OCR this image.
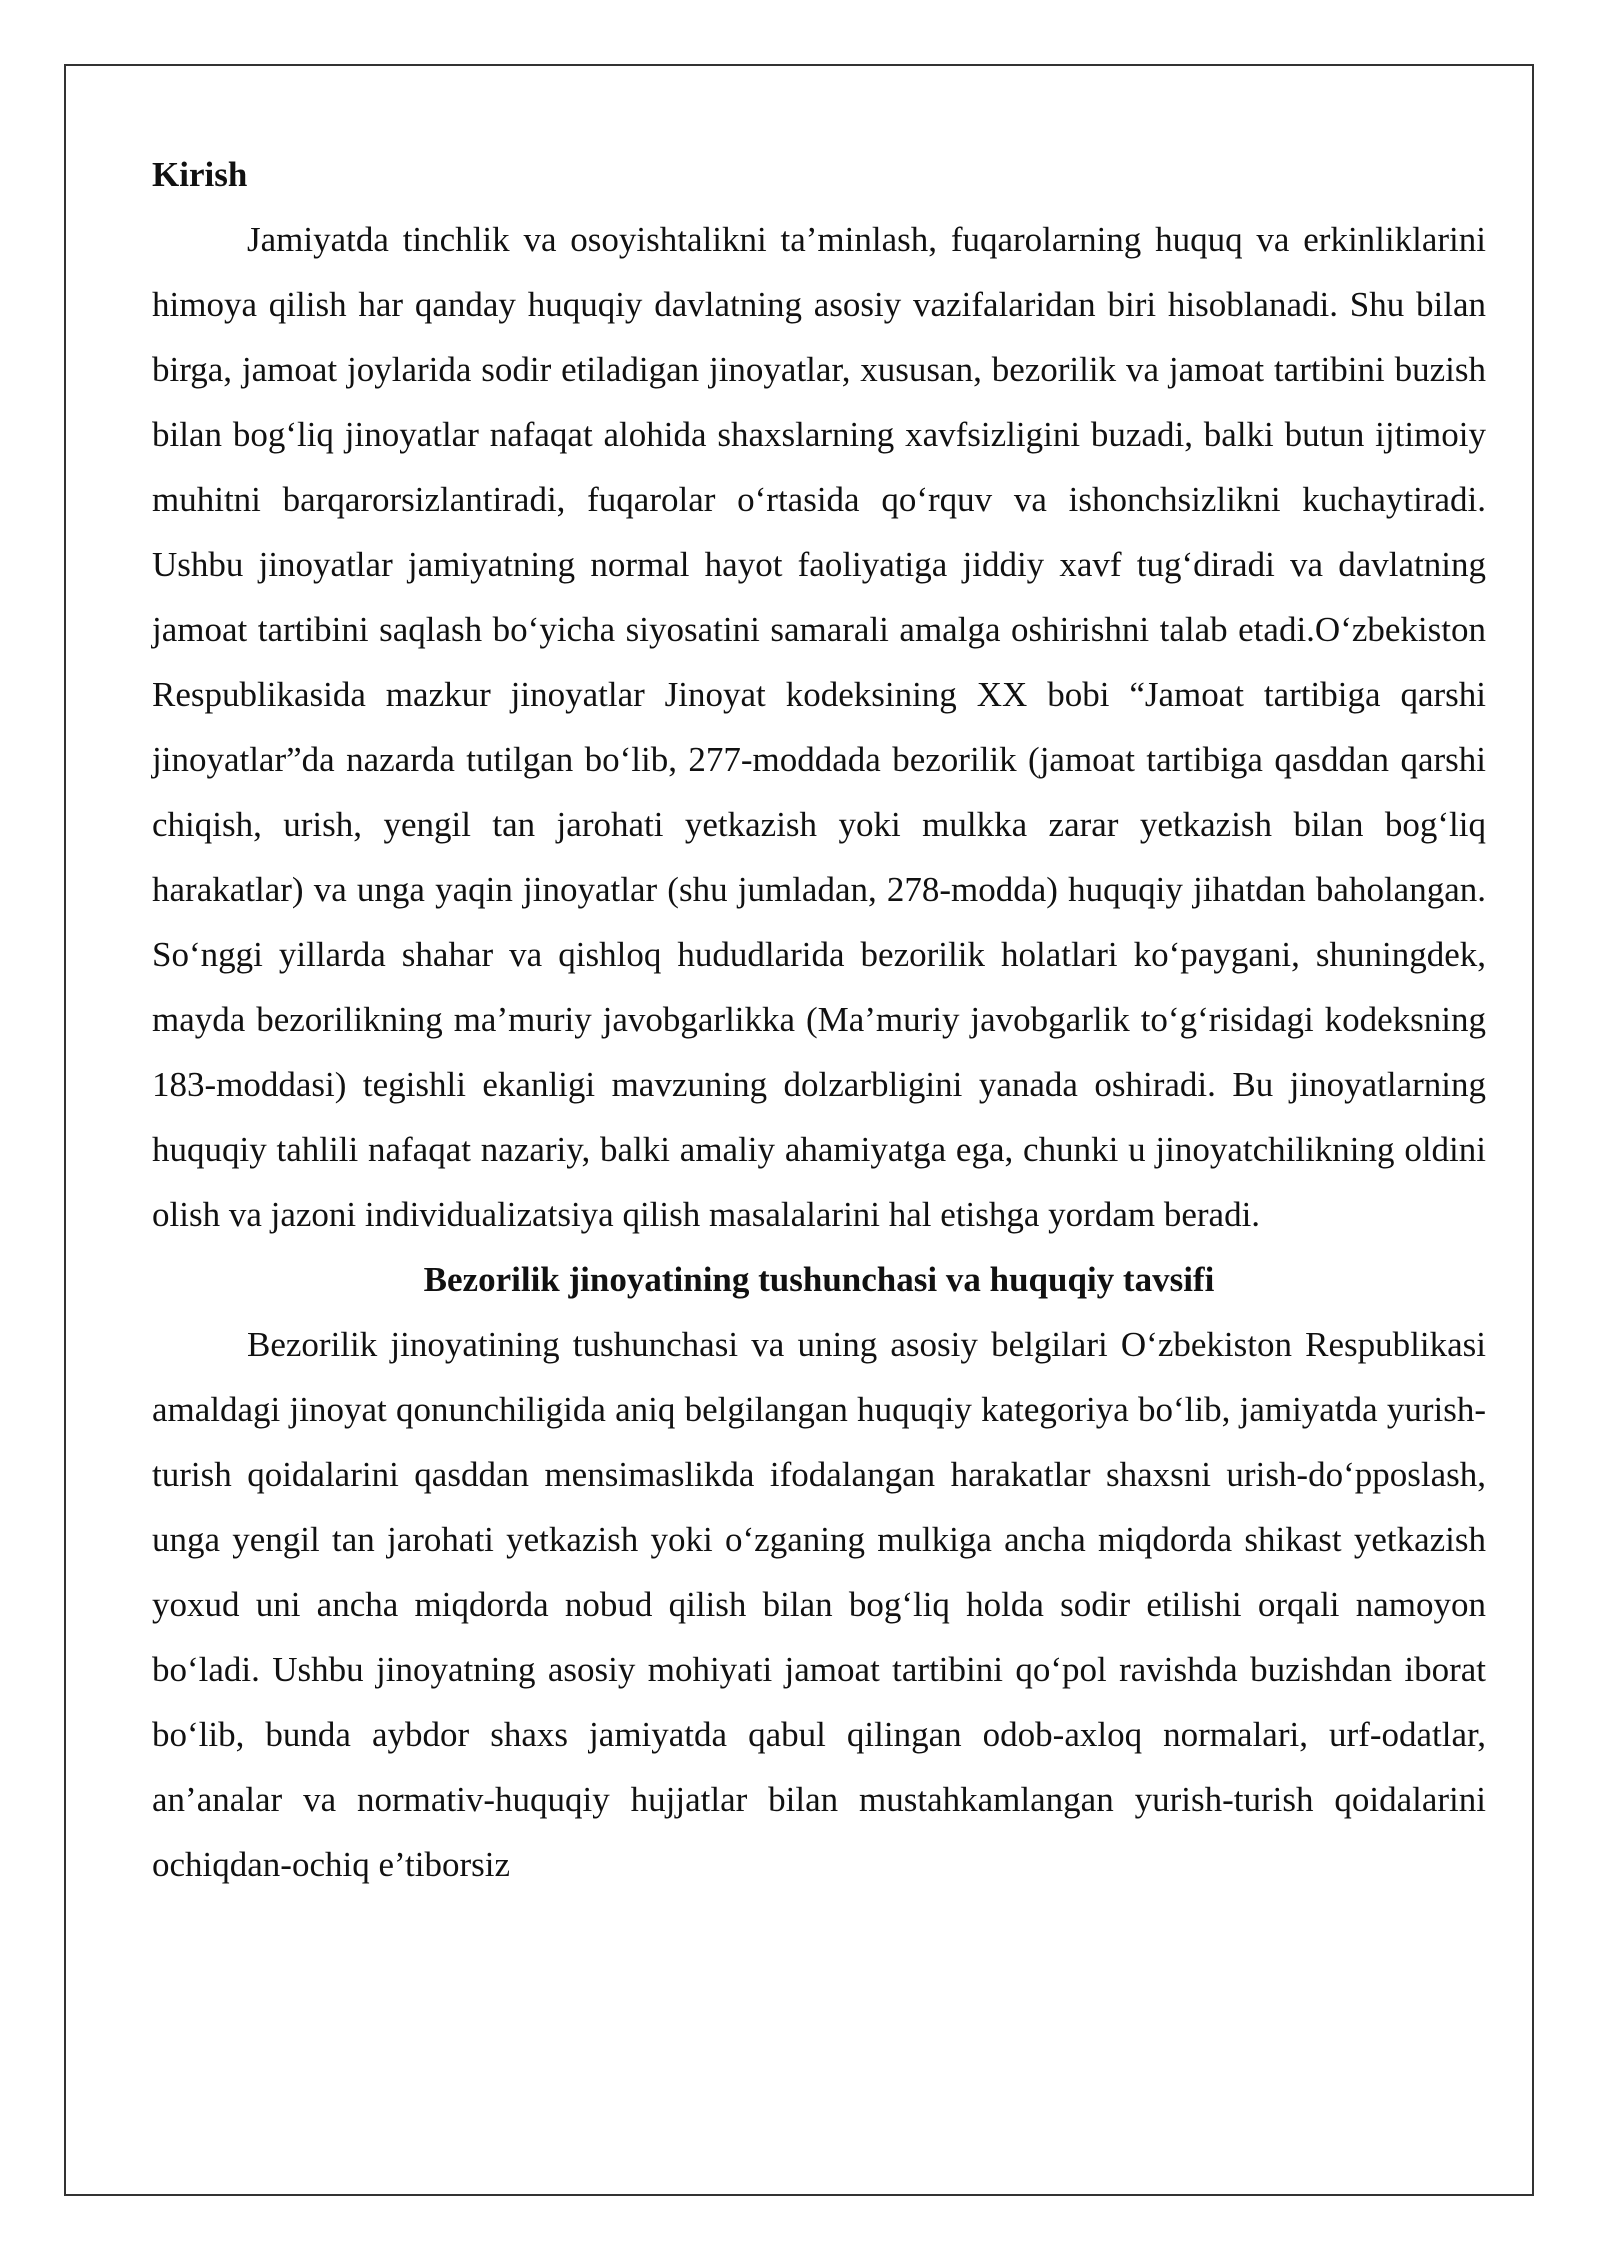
Kirish

Jamiyatda tinchlik va osoyishtalikni ta’minlash, fuqarolarning huquq va erkinliklarini himoya qilish har qanday huquqiy davlatning asosiy vazifalaridan biri hisoblanadi. Shu bilan birga, jamoat joylarida sodir etiladigan jinoyatlar, xususan, bezorilik va jamoat tartibini buzish bilan bog‘liq jinoyatlar nafaqat alohida shaxslarning xavfsizligini buzadi, balki butun ijtimoiy muhitni barqarorsizlantiradi, fuqarolar o‘rtasida qo‘rquv va ishonchsizlikni kuchaytiradi. Ushbu jinoyatlar jamiyatning normal hayot faoliyatiga jiddiy xavf tug‘diradi va davlatning jamoat tartibini saqlash bo‘yicha siyosatini samarali amalga oshirishni talab etadi.O‘zbekiston Respublikasida mazkur jinoyatlar Jinoyat kodeksining XX bobi “Jamoat tartibiga qarshi jinoyatlar”da nazarda tutilgan bo‘lib, 277-moddada bezorilik (jamoat tartibiga qasddan qarshi chiqish, urish, yengil tan jarohati yetkazish yoki mulkka zarar yetkazish bilan bog‘liq harakatlar) va unga yaqin jinoyatlar (shu jumladan, 278-modda) huquqiy jihatdan baholangan. So‘nggi yillarda shahar va qishloq hududlarida bezorilik holatlari ko‘paygani, shuningdek, mayda bezorilikning ma’muriy javobgarlikka (Ma’muriy javobgarlik to‘g‘risidagi kodeksning 183-moddasi) tegishli ekanligi mavzuning dolzarbligini yanada oshiradi. Bu jinoyatlarning huquqiy tahlili nafaqat nazariy, balki amaliy ahamiyatga ega, chunki u jinoyatchilikning oldini olish va jazoni individualizatsiya qilish masalalarini hal etishga yordam beradi.

Bezorilik jinoyatining tushunchasi va huquqiy tavsifi

Bezorilik jinoyatining tushunchasi va uning asosiy belgilari O‘zbekiston Respublikasi amaldagi jinoyat qonunchiligida aniq belgilangan huquqiy kategoriya bo‘lib, jamiyatda yurish-turish qoidalarini qasddan mensimaslikda ifodalangan harakatlar shaxsni urish-do‘pposlash, unga yengil tan jarohati yetkazish yoki o‘zganing mulkiga ancha miqdorda shikast yetkazish yoxud uni ancha miqdorda nobud qilish bilan bog‘liq holda sodir etilishi orqali namoyon bo‘ladi. Ushbu jinoyatning asosiy mohiyati jamoat tartibini qo‘pol ravishda buzishdan iborat bo‘lib, bunda aybdor shaxs jamiyatda qabul qilingan odob-axloq normalari, urf-odatlar, an’analar va normativ-huquqiy hujjatlar bilan mustahkamlangan yurish-turish qoidalarini ochiqdan-ochiq e’tiborsiz
